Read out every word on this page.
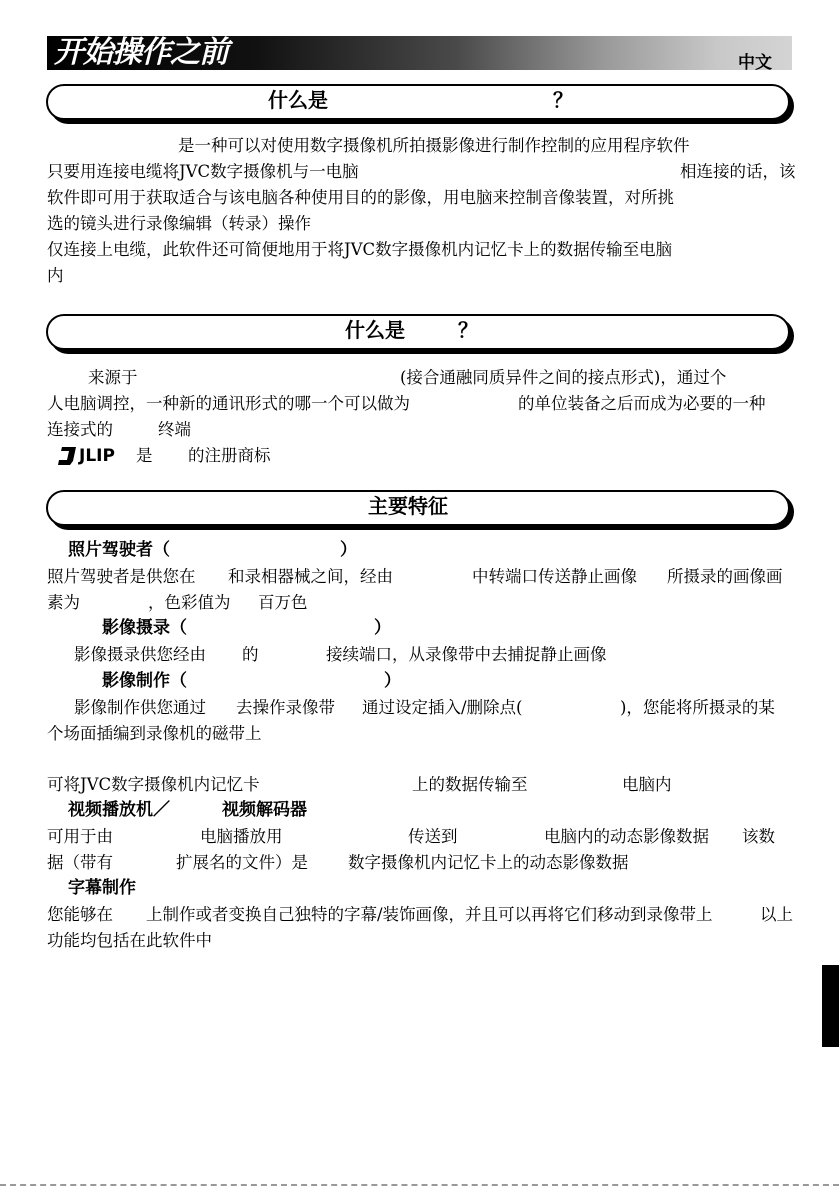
开始操作之前	中文
什么是	？
是一种可以对使用数字摄像机所拍摄影像进行制作控制的应用程序软件
只要用连接电缆将JVC数字摄像机与一电脑	相连接的话，该
软件即可用于获取适合与该电脑各种使用目的的影像，用电脑来控制音像装置，对所挑
选的镜头进行录像编辑（转录）操作
仅连接上电缆，此软件还可简便地用于将JVC数字摄像机内记忆卡上的数据传输至电脑
内
什么是	？
来源于	(接合通融同质异件之间的接点形式)，通过个
人电脑调控，一种新的通讯形式的哪一个可以做为	的单位装备之后而成为必要的一种
连接式的	终端
JLIP 是 的注册商标
主要特征
照片驾驶者（	）
照片驾驶者是供您在 和录相器械之间，经由	中转端口传送静止画像 所摄录的画像画
素为	，色彩值为 百万色
影像摄录（	）
影像摄录供您经由 的	接续端口，从录像带中去捕捉静止画像
影像制作（	）
影像制作供您通过 去操作录像带 通过设定插入/删除点(	)，您能将所摄录的某
个场面插编到录像机的磁带上
可将JVC数字摄像机内记忆卡	上的数据传输至	电脑内
视频播放机／	视频解码器
可用于由	电脑播放用	传送到	电脑内的动态影像数据 该数
据（带有	扩展名的文件）是 数字摄像机内记忆卡上的动态影像数据
字幕制作
您能够在 上制作或者变换自己独特的字幕/装饰画像，并且可以再将它们移动到录像带上	以上
功能均包括在此软件中
